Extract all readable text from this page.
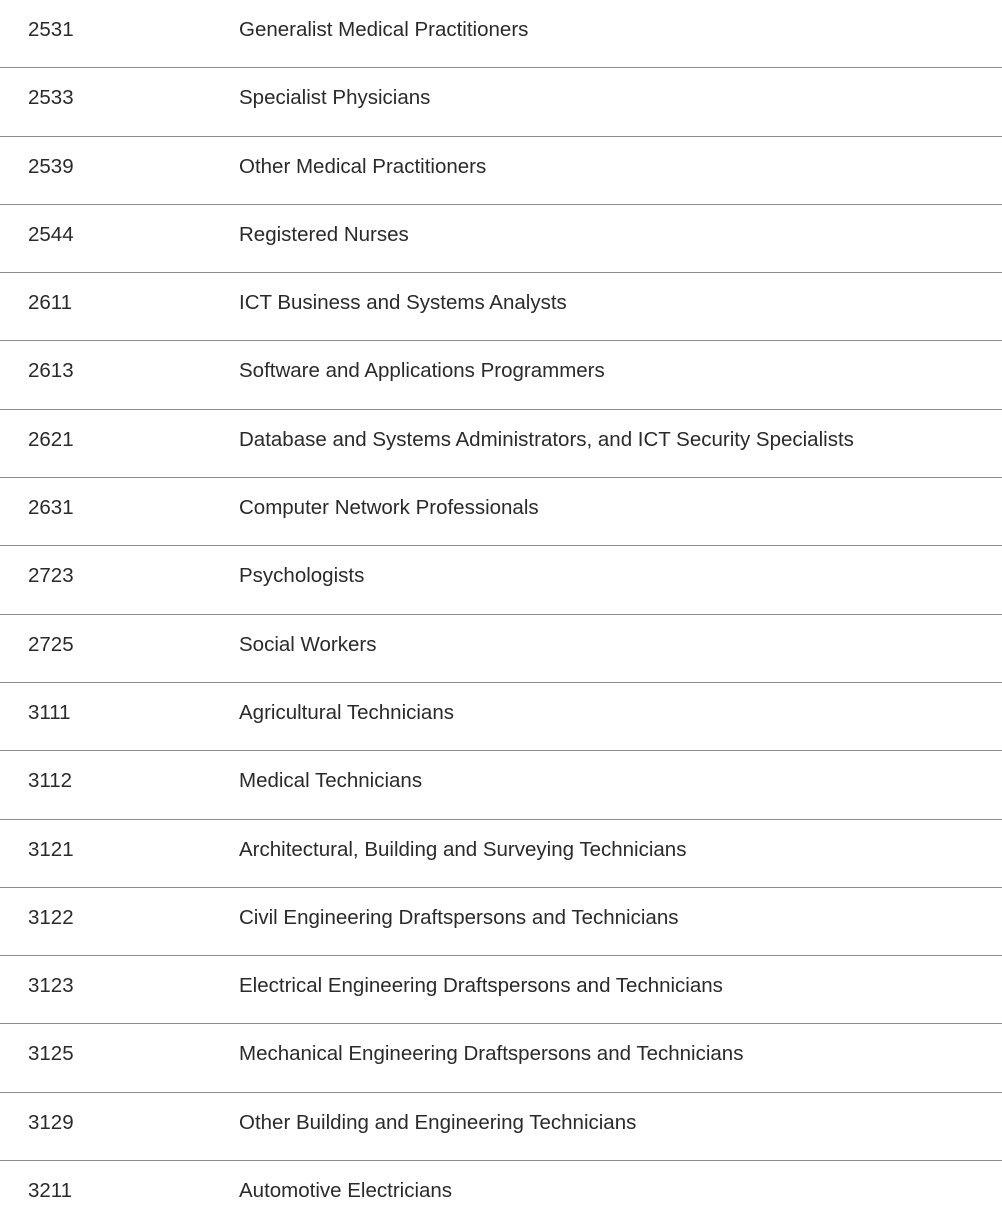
2531	Generalist Medical Practitioners
2533	Specialist Physicians
2539	Other Medical Practitioners
2544	Registered Nurses
2611	ICT Business and Systems Analysts
2613	Software and Applications Programmers
2621	Database and Systems Administrators, and ICT Security Specialists
2631	Computer Network Professionals
2723	Psychologists
2725	Social Workers
3111	Agricultural Technicians
3112	Medical Technicians
3121	Architectural, Building and Surveying Technicians
3122	Civil Engineering Draftspersons and Technicians
3123	Electrical Engineering Draftspersons and Technicians
3125	Mechanical Engineering Draftspersons and Technicians
3129	Other Building and Engineering Technicians
3211	Automotive Electricians
